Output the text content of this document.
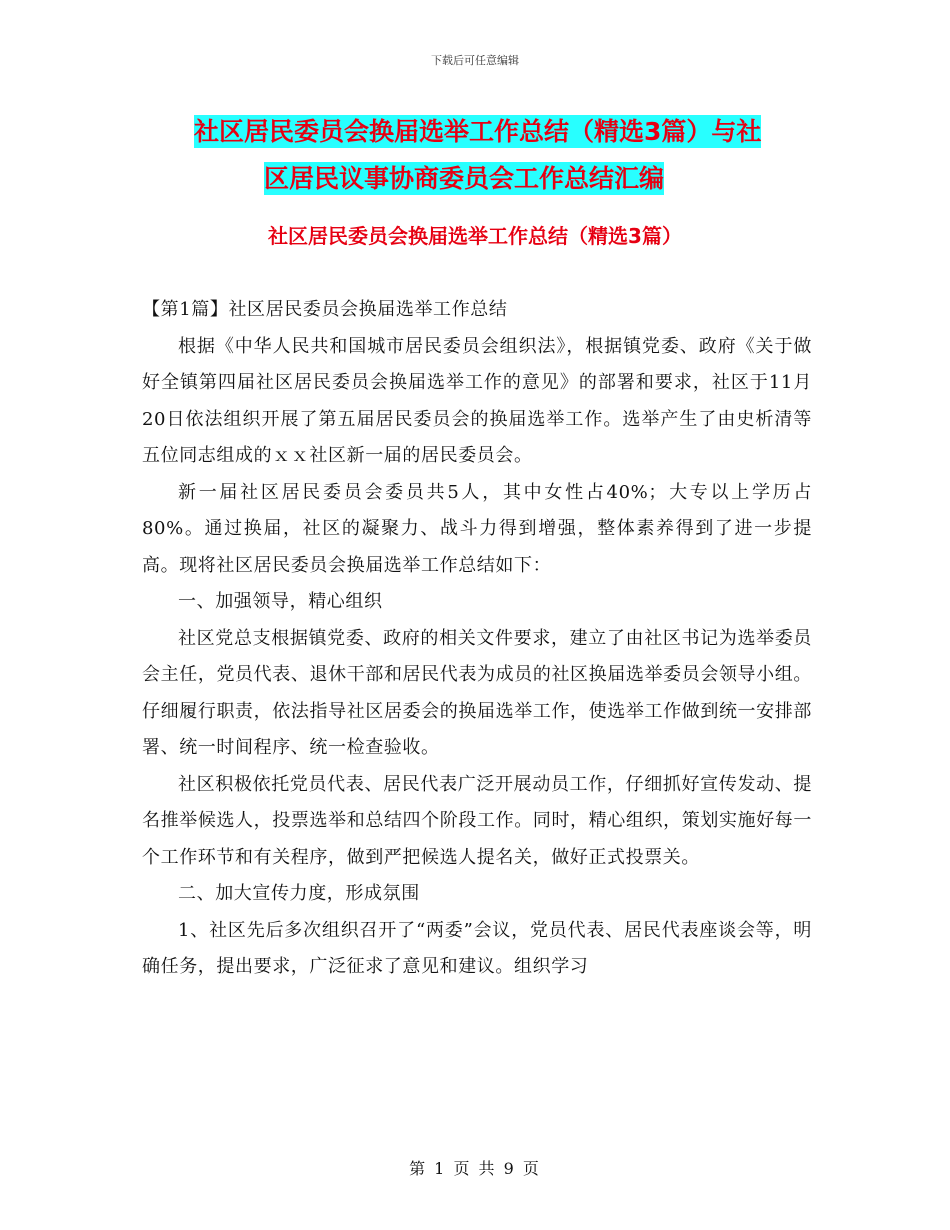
下载后可任意编辑
社区居民委员会换届选举工作总结（精选3篇）与社
区居民议事协商委员会工作总结汇编
社区居民委员会换届选举工作总结（精选3篇）

【第1篇】社区居民委员会换届选举工作总结

根据《中华人民共和国城市居民委员会组织法》，根据镇党委、政府《关于做好全镇第四届社区居民委员会换届选举工作的意见》的部署和要求，社区于11月20日依法组织开展了第五届居民委员会的换届选举工作。选举产生了由史析清等五位同志组成的ｘｘ社区新一届的居民委员会。

新一届社区居民委员会委员共5人，其中女性占40%；大专以上学历占80%。通过换届，社区的凝聚力、战斗力得到增强，整体素养得到了进一步提高。现将社区居民委员会换届选举工作总结如下：

一、加强领导，精心组织

社区党总支根据镇党委、政府的相关文件要求，建立了由社区书记为选举委员会主任，党员代表、退休干部和居民代表为成员的社区换届选举委员会领导小组。仔细履行职责，依法指导社区居委会的换届选举工作，使选举工作做到统一安排部署、统一时间程序、统一检查验收。

社区积极依托党员代表、居民代表广泛开展动员工作，仔细抓好宣传发动、提名推举候选人，投票选举和总结四个阶段工作。同时，精心组织，策划实施好每一个工作环节和有关程序，做到严把候选人提名关，做好正式投票关。

二、加大宣传力度，形成氛围

1、社区先后多次组织召开了“两委”会议，党员代表、居民代表座谈会等，明确任务，提出要求，广泛征求了意见和建议。组织学习

第 1 页 共 9 页
